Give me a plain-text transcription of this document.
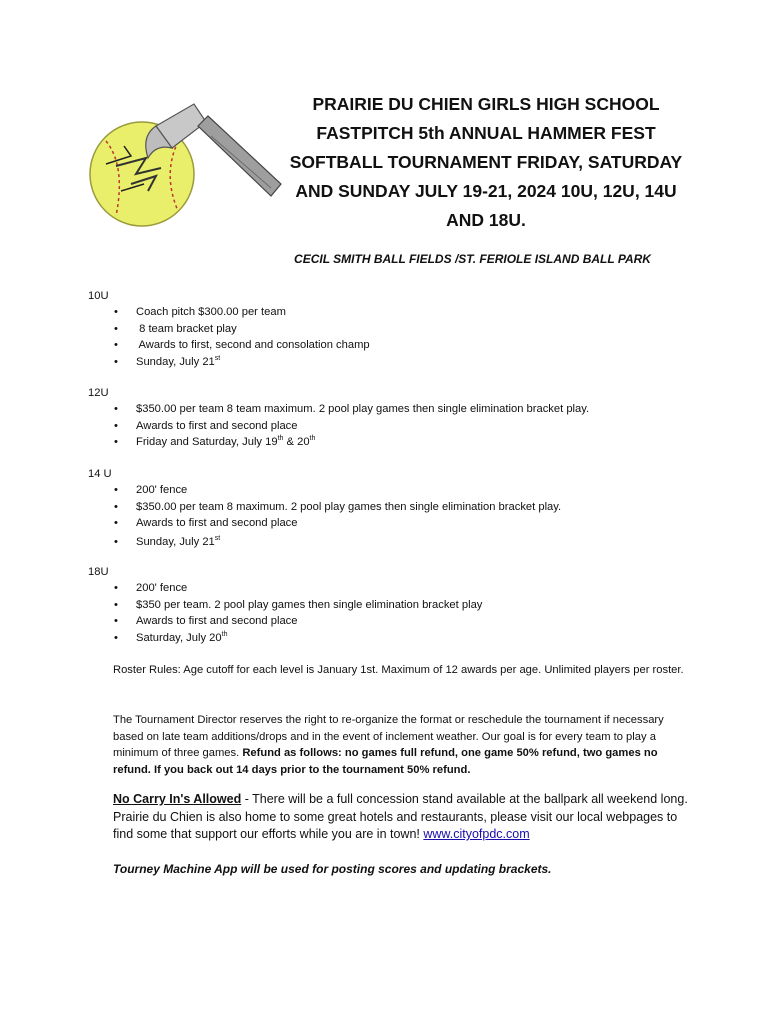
PRAIRIE DU CHIEN GIRLS HIGH SCHOOL
FASTPITCH 5th ANNUAL HAMMER FEST
SOFTBALL TOURNAMENT FRIDAY, SATURDAY
AND SUNDAY JULY 19-21, 2024 10U, 12U, 14U
AND 18U.
CECIL SMITH BALL FIELDS /ST. FERIOLE ISLAND BALL PARK
10U
• Coach pitch $300.00 per team
• 8 team bracket play
• Awards to first, second and consolation champ
• Sunday, July 21st
12U
• $350.00 per team 8 team maximum. 2 pool play games then single elimination bracket play.
• Awards to first and second place
• Friday and Saturday, July 19th & 20th
14 U
• 200' fence
• $350.00 per team 8 maximum. 2 pool play games then single elimination bracket play.
• Awards to first and second place
• Sunday, July 21st
18U
• 200' fence
• $350 per team. 2 pool play games then single elimination bracket play
• Awards to first and second place
• Saturday, July 20th
Roster Rules: Age cutoff for each level is January 1st. Maximum of 12 awards per age. Unlimited players per roster.
The Tournament Director reserves the right to re-organize the format or reschedule the tournament if necessary based on late team additions/drops and in the event of inclement weather. Our goal is for every team to play a minimum of three games. Refund as follows: no games full refund, one game 50% refund, two games no refund. If you back out 14 days prior to the tournament 50% refund.
No Carry In's Allowed - There will be a full concession stand available at the ballpark all weekend long. Prairie du Chien is also home to some great hotels and restaurants, please visit our local webpages to find some that support our efforts while you are in town! www.cityofpdc.com
Tourney Machine App will be used for posting scores and updating brackets.
